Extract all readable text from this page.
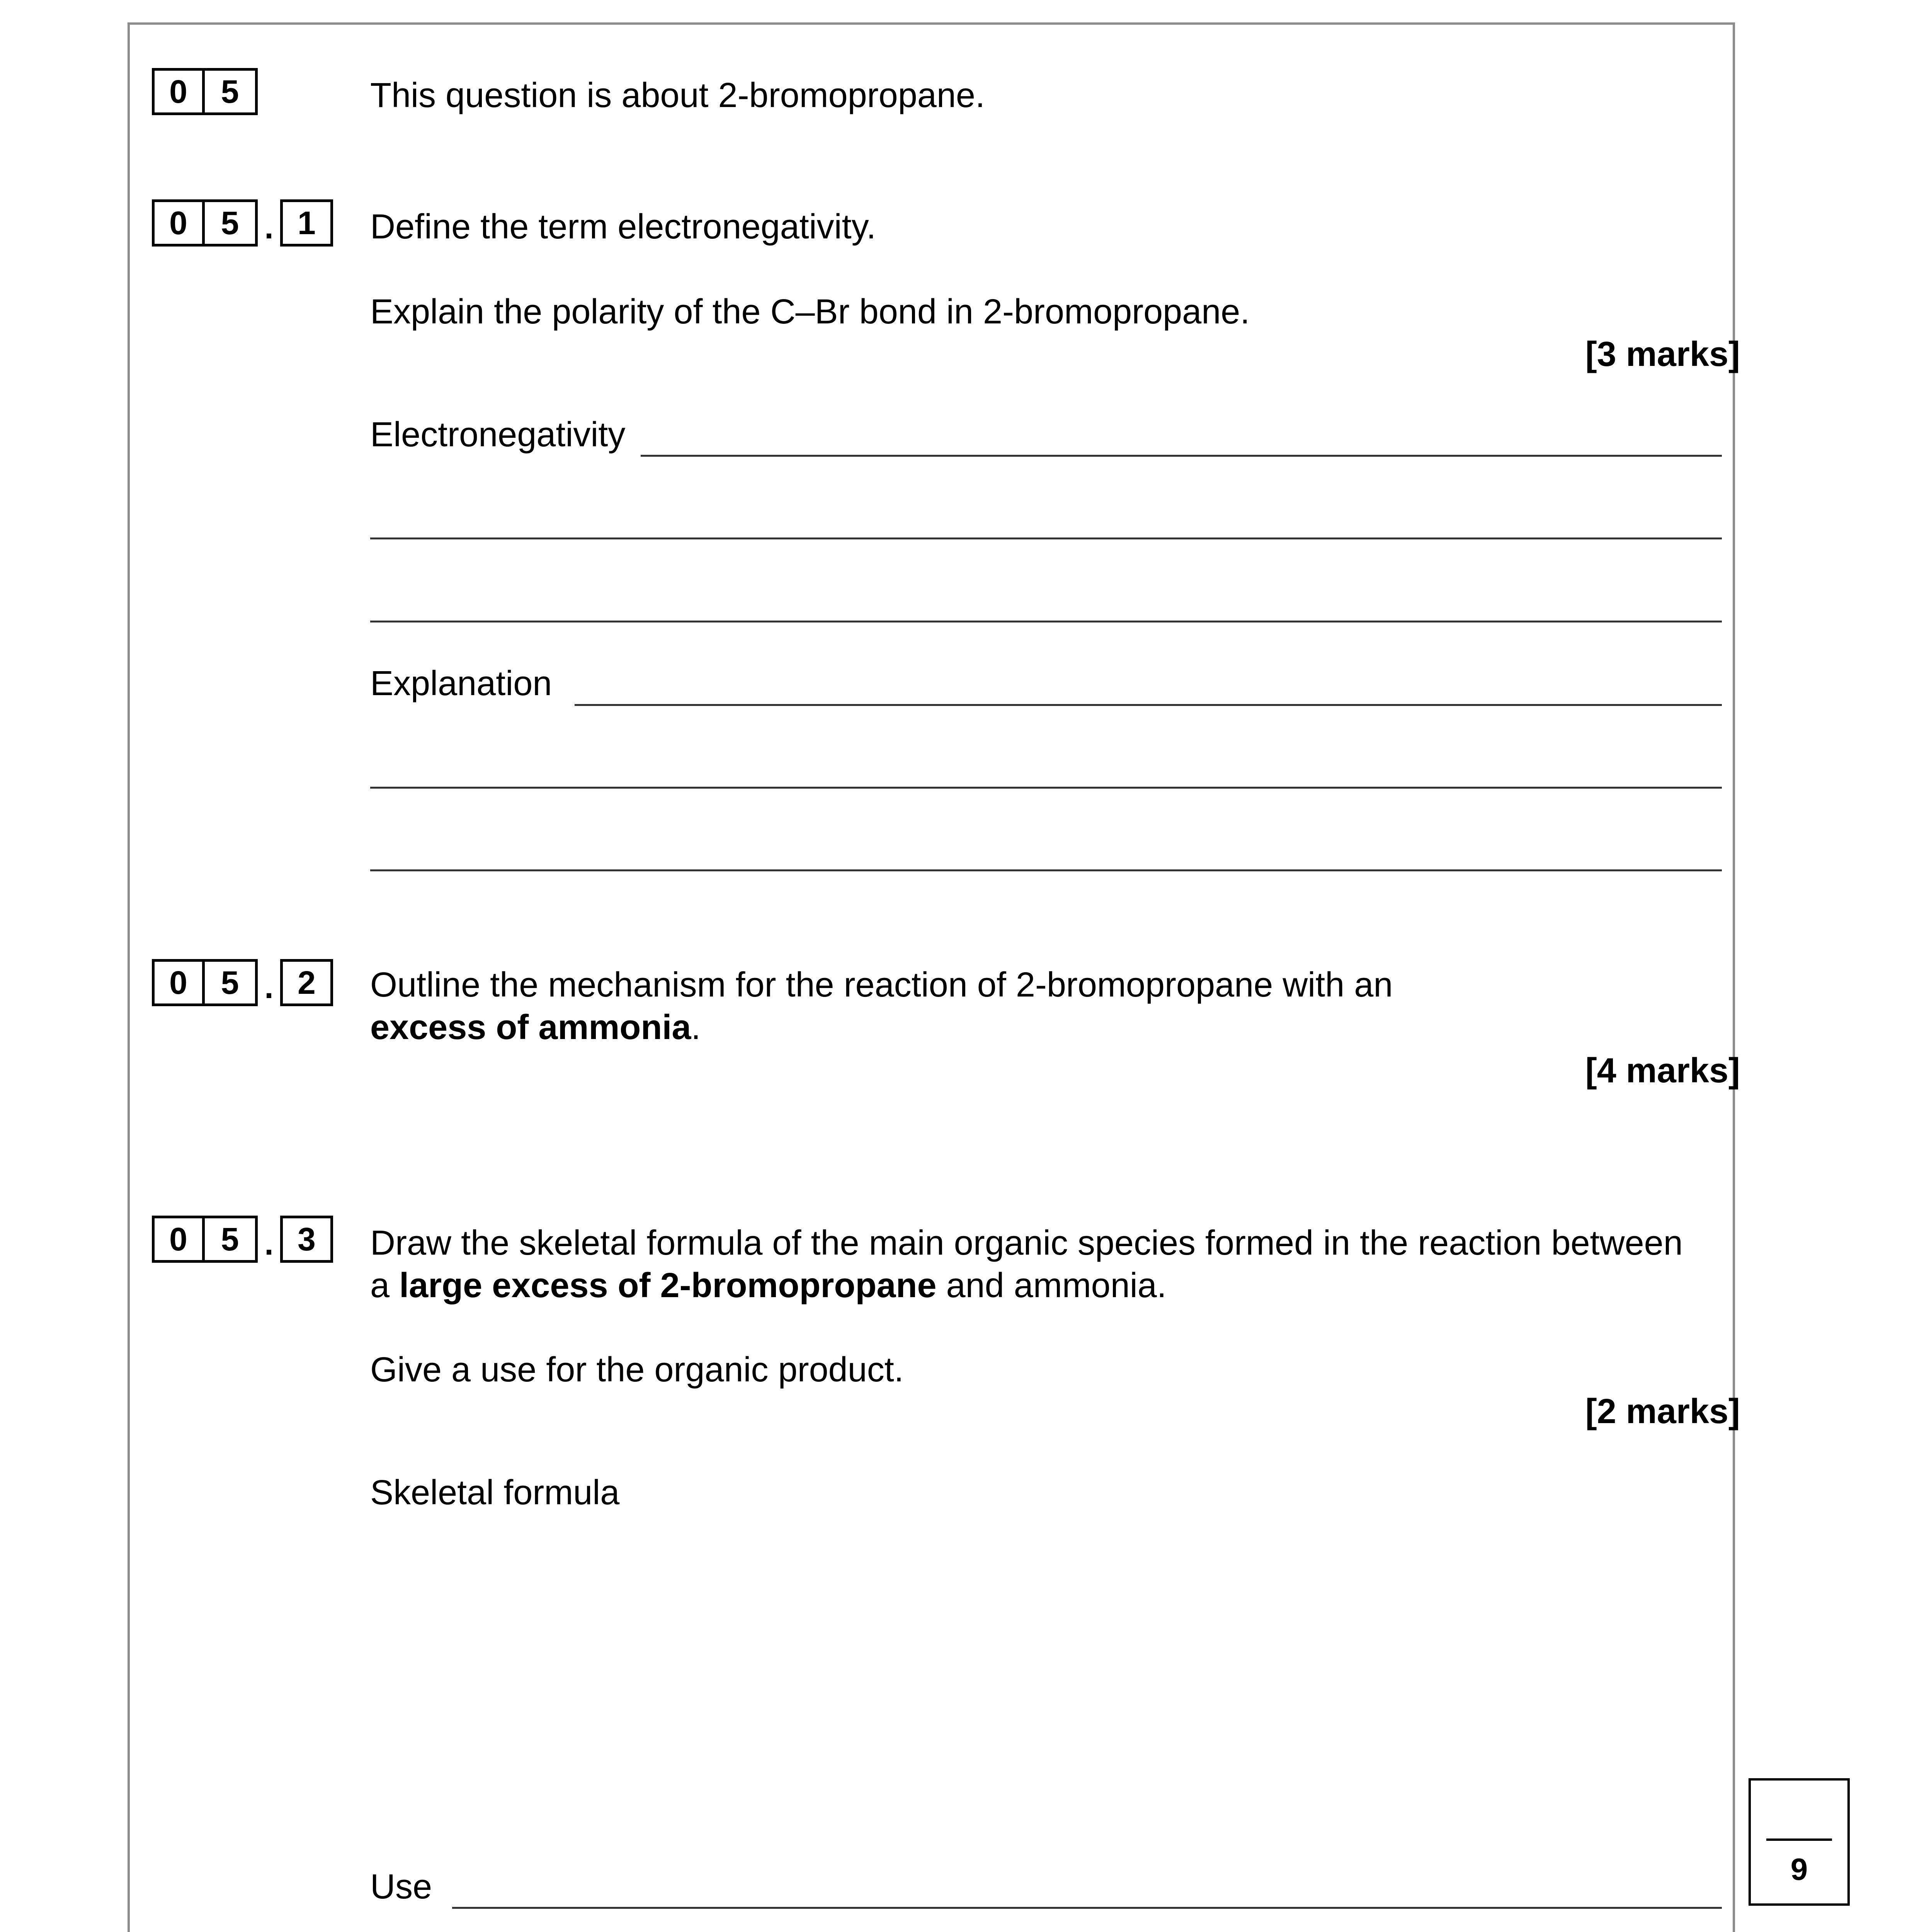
0	5	This question is about 2-bromopropane.
0	5 . 1	Define the term electronegativity.
Explain the polarity of the C–Br bond in 2-bromopropane.
[3 marks]
Electronegativity
Explanation
0	5 . 2	Outline the mechanism for the reaction of 2-bromopropane with an
excess of ammonia.
[4 marks]
0	5 . 3	Draw the skeletal formula of the main organic species formed in the reaction between
a large excess of 2-bromopropane and ammonia.
Give a use for the organic product.
[2 marks]
Skeletal formula
Use	9
